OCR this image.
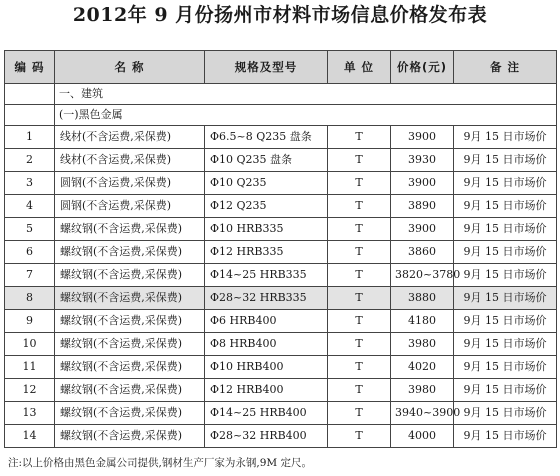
2012年 9 月份扬州市材料市场信息价格发布表
编 码	名 称	规格及型号	单 位	价格(元)	备 注
	一、建筑				
	(一)黑色金属				
1	线材(不含运费,采保费)	Φ6.5~8 Q235 盘条	T	3900	9月 15 日市场价
2	线材(不含运费,采保费)	Φ10 Q235 盘条	T	3930	9月 15 日市场价
3	圆钢(不含运费,采保费)	Φ10 Q235	T	3900	9月 15 日市场价
4	圆钢(不含运费,采保费)	Φ12 Q235	T	3890	9月 15 日市场价
5	螺纹钢(不含运费,采保费)	Φ10 HRB335	T	3900	9月 15 日市场价
6	螺纹钢(不含运费,采保费)	Φ12 HRB335	T	3860	9月 15 日市场价
7	螺纹钢(不含运费,采保费)	Φ14~25 HRB335	T	3820~3780	9月 15 日市场价
8	螺纹钢(不含运费,采保费)	Φ28~32 HRB335	T	3880	9月 15 日市场价
9	螺纹钢(不含运费,采保费)	Φ6 HRB400	T	4180	9月 15 日市场价
10	螺纹钢(不含运费,采保费)	Φ8 HRB400	T	3980	9月 15 日市场价
11	螺纹钢(不含运费,采保费)	Φ10 HRB400	T	4020	9月 15 日市场价
12	螺纹钢(不含运费,采保费)	Φ12 HRB400	T	3980	9月 15 日市场价
13	螺纹钢(不含运费,采保费)	Φ14~25 HRB400	T	3940~3900	9月 15 日市场价
14	螺纹钢(不含运费,采保费)	Φ28~32 HRB400	T	4000	9月 15 日市场价
注:以上价格由黑色金属公司提供,钢材生产厂家为永钢,9M 定尺。
